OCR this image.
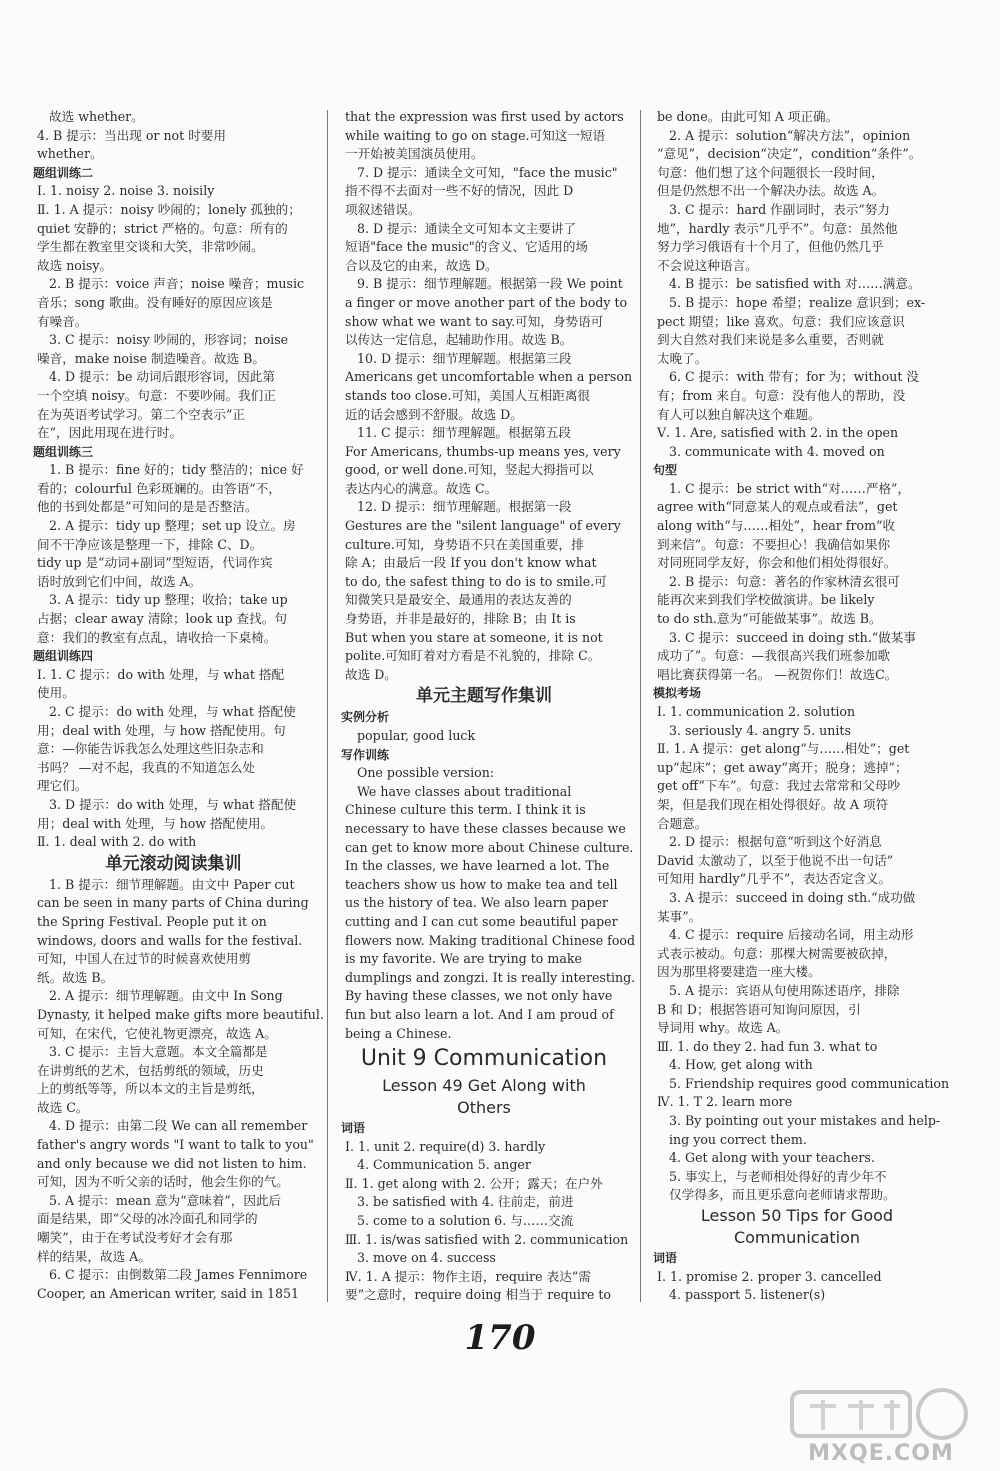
故选 whether。
4. B 提示：当出现 or not 时要用
whether。
题组训练二
Ⅰ. 1. noisy 2. noise 3. noisily
Ⅱ. 1. A 提示：noisy 吵闹的；lonely 孤独的；
quiet 安静的；strict 严格的。句意：所有的
学生都在教室里交谈和大笑，非常吵闹。
故选 noisy。
2. B 提示：voice 声音；noise 噪音；music
音乐；song 歌曲。没有睡好的原因应该是
有噪音。
3. C 提示：noisy 吵闹的，形容词；noise
噪音，make noise 制造噪音。故选 B。
4. D 提示：be 动词后跟形容词，因此第
一个空填 noisy。句意：不要吵闹。我们正
在为英语考试学习。第二个空表示“正
在”，因此用现在进行时。
题组训练三
1. B 提示：fine 好的；tidy 整洁的；nice 好
看的；colourful 色彩斑斓的。由答语“不，
他的书到处都是”可知问的是是否整洁。
2. A 提示：tidy up 整理；set up 设立。房
间不干净应该是整理一下，排除 C、D。
tidy up 是“动词+副词”型短语，代词作宾
语时放到它们中间，故选 A。
3. A 提示：tidy up 整理；收拾；take up
占据；clear away 清除；look up 查找。句
意：我们的教室有点乱，请收拾一下桌椅。
题组训练四
Ⅰ. 1. C 提示：do with 处理，与 what 搭配
使用。
2. C 提示：do with 处理，与 what 搭配使
用；deal with 处理，与 how 搭配使用。句
意：—你能告诉我怎么处理这些旧杂志和
书吗？ —对不起，我真的不知道怎么处
理它们。
3. D 提示：do with 处理，与 what 搭配使
用；deal with 处理，与 how 搭配使用。
Ⅱ. 1. deal with 2. do with
单元滚动阅读集训
1. B 提示：细节理解题。由文中 Paper cut
can be seen in many parts of China during
the Spring Festival. People put it on
windows, doors and walls for the festival.
可知，中国人在过节的时候喜欢使用剪
纸。故选 B。
2. A 提示：细节理解题。由文中 In Song
Dynasty, it helped make gifts more beautiful.
可知，在宋代，它使礼物更漂亮，故选 A。
3. C 提示：主旨大意题。本文全篇都是
在讲剪纸的艺术，包括剪纸的领域，历史
上的剪纸等等，所以本文的主旨是剪纸，
故选 C。
4. D 提示：由第二段 We can all remember
father's angry words "I want to talk to you"
and only because we did not listen to him.
可知，因为不听父亲的话时，他会生你的气。
5. A 提示：mean 意为“意味着”，因此后
面是结果，即“父母的冰冷面孔和同学的
嘲笑”，由于在考试没考好才会有那
样的结果，故选 A。
6. C 提示：由倒数第二段 James Fennimore
Cooper, an American writer, said in 1851
that the expression was first used by actors
while waiting to go on stage.可知这一短语
一开始被美国演员使用。
7. D 提示：通读全文可知，"face the music"
指不得不去面对一些不好的情况，因此 D
项叙述错误。
8. D 提示：通读全文可知本文主要讲了
短语"face the music"的含义、它适用的场
合以及它的由来，故选 D。
9. B 提示：细节理解题。根据第一段 We point
a finger or move another part of the body to
show what we want to say.可知，身势语可
以传达一定信息，起辅助作用。故选 B。
10. D 提示：细节理解题。根据第三段
Americans get uncomfortable when a person
stands too close.可知，美国人互相距离很
近的话会感到不舒服。故选 D。
11. C 提示：细节理解题。根据第五段
For Americans, thumbs-up means yes, very
good, or well done.可知，竖起大拇指可以
表达内心的满意。故选 C。
12. D 提示：细节理解题。根据第一段
Gestures are the "silent language" of every
culture.可知，身势语不只在美国重要，排
除 A；由最后一段 If you don't know what
to do, the safest thing to do is to smile.可
知微笑只是最安全、最通用的表达友善的
身势语，并非是最好的，排除 B；由 It is
But when you stare at someone, it is not
polite.可知盯着对方看是不礼貌的，排除 C。
故选 D。
单元主题写作集训
实例分析
popular, good luck
写作训练
One possible version:
We have classes about traditional
Chinese culture this term. I think it is
necessary to have these classes because we
can get to know more about Chinese culture.
In the classes, we have learned a lot. The
teachers show us how to make tea and tell
us the history of tea. We also learn paper
cutting and I can cut some beautiful paper
flowers now. Making traditional Chinese food
is my favorite. We are trying to make
dumplings and zongzi. It is really interesting.
By having these classes, we not only have
fun but also learn a lot. And I am proud of
being a Chinese.
Unit 9 Communication
Lesson 49 Get Along with
Others
词语
Ⅰ. 1. unit 2. require(d) 3. hardly
4. Communication 5. anger
Ⅱ. 1. get along with 2. 公开；露天；在户外
3. be satisfied with 4. 往前走，前进
5. come to a solution 6. 与……交流
Ⅲ. 1. is/was satisfied with 2. communication
3. move on 4. success
Ⅳ. 1. A 提示：物作主语，require 表达“需
要”之意时，require doing 相当于 require to
be done。由此可知 A 项正确。
2. A 提示：solution“解决方法”，opinion
“意见”，decision“决定”，condition“条件”。
句意：他们想了这个问题很长一段时间，
但是仍然想不出一个解决办法。故选 A。
3. C 提示：hard 作副词时，表示“努力
地”，hardly 表示“几乎不”。句意：虽然他
努力学习俄语有十个月了，但他仍然几乎
不会说这种语言。
4. B 提示：be satisfied with 对……满意。
5. B 提示：hope 希望；realize 意识到；ex-
pect 期望；like 喜欢。句意：我们应该意识
到大自然对我们来说是多么重要，否则就
太晚了。
6. C 提示：with 带有；for 为；without 没
有；from 来自。句意：没有他人的帮助，没
有人可以独自解决这个难题。
Ⅴ. 1. Are, satisfied with 2. in the open
3. communicate with 4. moved on
句型
1. C 提示：be strict with“对……严格”，
agree with“同意某人的观点或看法”，get
along with“与……相处”，hear from“收
到来信”。句意：不要担心！我确信如果你
对同班同学友好，你会和他们相处得很好。
2. B 提示：句意：著名的作家林清玄很可
能再次来到我们学校做演讲。be likely
to do sth.意为“可能做某事”。故选 B。
3. C 提示：succeed in doing sth.“做某事
成功了”。句意：—我很高兴我们班参加歌
唱比赛获得第一名。 —祝贺你们！故选C。
模拟考场
Ⅰ. 1. communication 2. solution
3. seriously 4. angry 5. units
Ⅱ. 1. A 提示：get along“与……相处”；get
up“起床”；get away“离开；脱身；逃掉”；
get off“下车”。句意：我过去常常和父母吵
架，但是我们现在相处得很好。故 A 项符
合题意。
2. D 提示：根据句意“听到这个好消息
David 太激动了，以至于他说不出一句话”
可知用 hardly“几乎不”，表达否定含义。
3. A 提示：succeed in doing sth.“成功做
某事”。
4. C 提示：require 后接动名词，用主动形
式表示被动。句意：那棵大树需要被砍掉，
因为那里将要建造一座大楼。
5. A 提示：宾语从句使用陈述语序，排除
B 和 D；根据答语可知询问原因，引
导词用 why。故选 A。
Ⅲ. 1. do they 2. had fun 3. what to
4. How, get along with
5. Friendship requires good communication
Ⅳ. 1. T 2. learn more
3. By pointing out your mistakes and help-
ing you correct them.
4. Get along with your teachers.
5. 事实上，与老师相处得好的青少年不
仅学得多，而且更乐意向老师请求帮助。
Lesson 50 Tips for Good
Communication
词语
Ⅰ. 1. promise 2. proper 3. cancelled
4. passport 5. listener(s)
170
MXQE.COM
